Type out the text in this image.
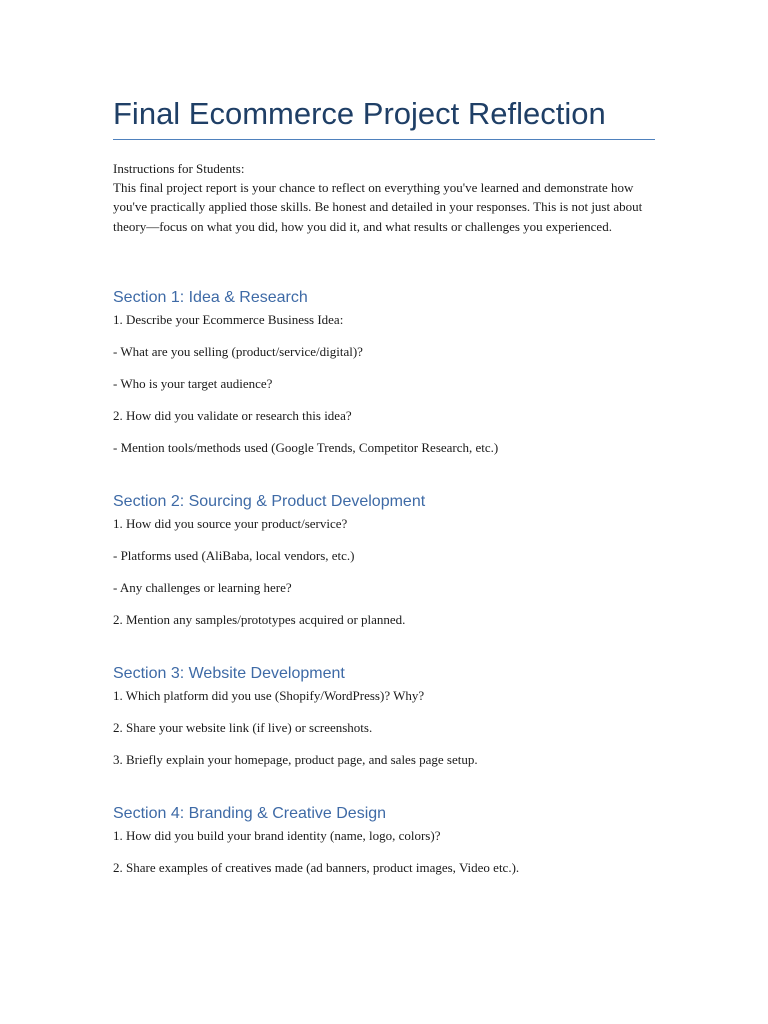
Final Ecommerce Project Reflection

Instructions for Students:

This final project report is your chance to reflect on everything you've learned and demonstrate how you've practically applied those skills. Be honest and detailed in your responses. This is not just about theory—focus on what you did, how you did it, and what results or challenges you experienced.

Section 1: Idea & Research
1. Describe your Ecommerce Business Idea:
- What are you selling (product/service/digital)?
- Who is your target audience?
2. How did you validate or research this idea?
- Mention tools/methods used (Google Trends, Competitor Research, etc.)
Section 2: Sourcing & Product Development
1. How did you source your product/service?
- Platforms used (AliBaba, local vendors, etc.)
- Any challenges or learning here?
2. Mention any samples/prototypes acquired or planned.
Section 3: Website Development
1. Which platform did you use (Shopify/WordPress)? Why?
2. Share your website link (if live) or screenshots.
3. Briefly explain your homepage, product page, and sales page setup.
Section 4: Branding & Creative Design
1. How did you build your brand identity (name, logo, colors)?
2. Share examples of creatives made (ad banners, product images, Video etc.).
